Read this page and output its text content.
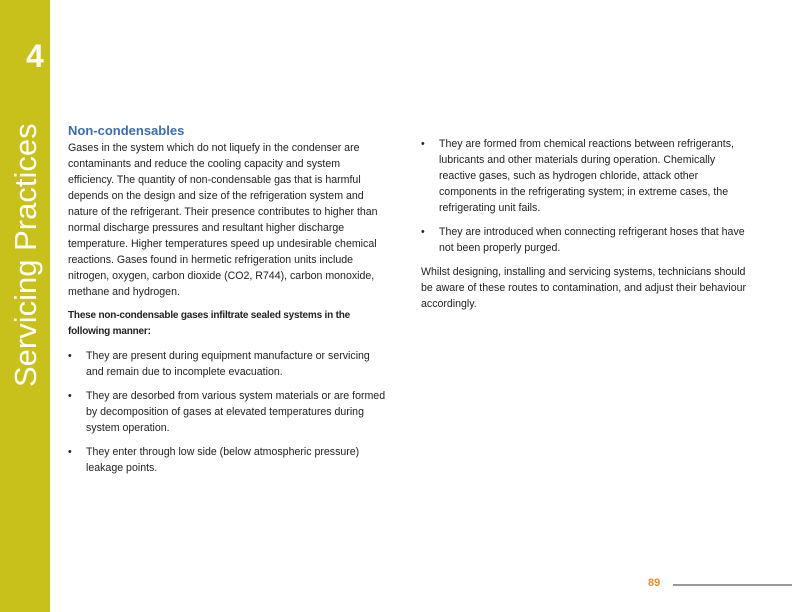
4
Servicing Practices Non-condensables

Gases in the system which do not liquefy in the condenser are contaminants and reduce the cooling capacity and system efficiency. The quantity of non-condensable gas that is harmful depends on the design and size of the refrigeration system and nature of the refrigerant. Their presence contributes to higher than normal discharge pressures and resultant higher discharge temperature. Higher temperatures speed up undesirable chemical reactions. Gases found in hermetic refrigeration units include nitrogen, oxygen, carbon dioxide (CO2, R744), carbon monoxide, methane and hydrogen.

These non-condensable gases infiltrate sealed systems in the following manner:

• They are present during equipment manufacture or servicing and remain due to incomplete evacuation.
• They are desorbed from various system materials or are formed by decomposition of gases at elevated temperatures during system operation.
• They enter through low side (below atmospheric pressure) leakage points.
• They are formed from chemical reactions between refrigerants, lubricants and other materials during operation. Chemically reactive gases, such as hydrogen chloride, attack other components in the refrigerating system; in extreme cases, the refrigerating unit fails.
• They are introduced when connecting refrigerant hoses that have not been properly purged.

Whilst designing, installing and servicing systems, technicians should be aware of these routes to contamination, and adjust their behaviour accordingly.

89
